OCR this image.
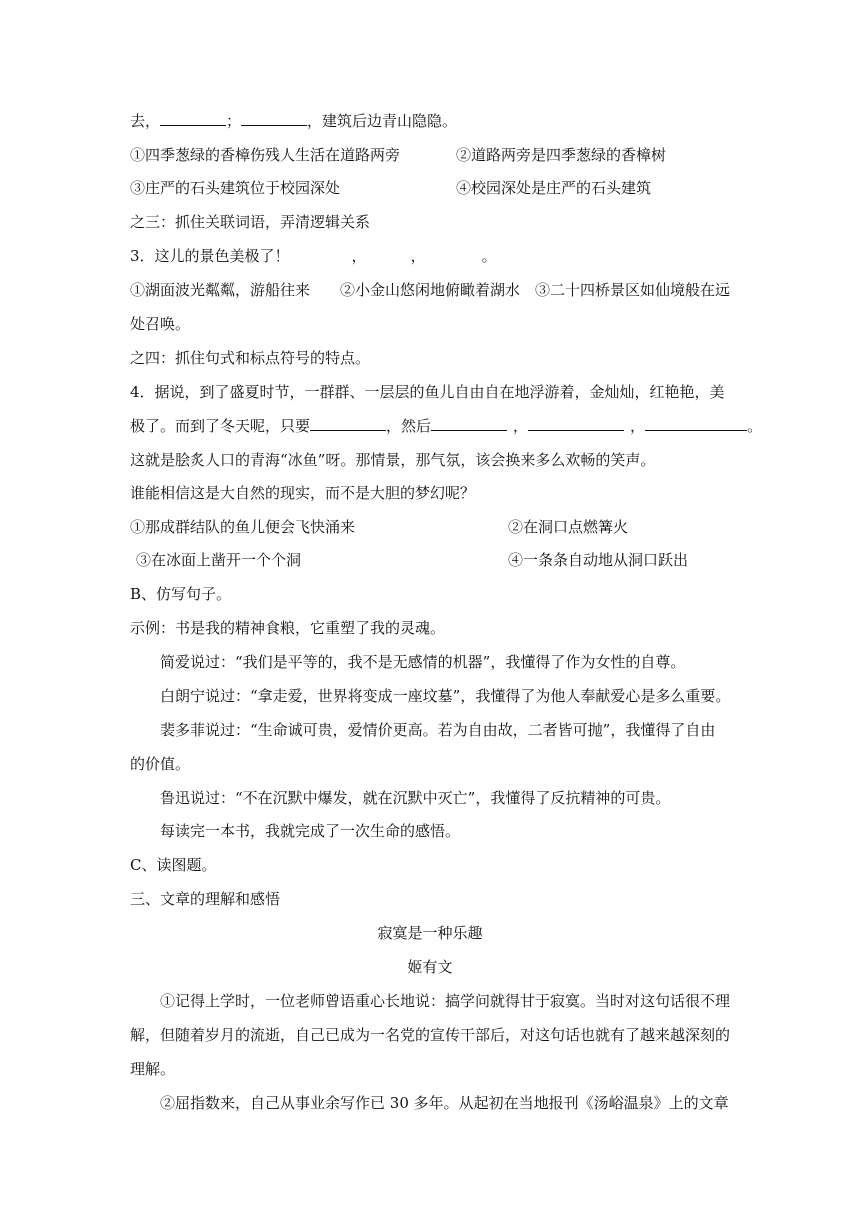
去，	；	，建筑后边青山隐隐。
①四季葱绿的香樟伤残人生活在道路两旁	②道路两旁是四季葱绿的香樟树
③庄严的石头建筑位于校园深处	④校园深处是庄严的石头建筑
之三：抓住关联词语，弄清逻辑关系
3．这儿的景色美极了！	，	，	。
①湖面波光粼粼，游船往来　　②小金山悠闲地俯瞰着湖水　③二十四桥景区如仙境般在远
处召唤。
之四：抓住句式和标点符号的特点。
4．据说，到了盛夏时节，一群群、一层层的鱼儿自由自在地浮游着，金灿灿，红艳艳，美
极了。而到了冬天呢，只要	，然后	，	，	。
这就是脍炙人口的青海“冰鱼”呀。那情景，那气氛，该会换来多么欢畅的笑声。
谁能相信这是大自然的现实，而不是大胆的梦幻呢？
①那成群结队的鱼儿便会飞快涌来	②在洞口点燃篝火
③在冰面上凿开一个个洞	④一条条自动地从洞口跃出
B、仿写句子。
示例：书是我的精神食粮，它重塑了我的灵魂。
简爱说过：“我们是平等的，我不是无感情的机器”，我懂得了作为女性的自尊。
白朗宁说过：“拿走爱，世界将变成一座坟墓”，我懂得了为他人奉献爱心是多么重要。
裴多菲说过：“生命诚可贵，爱情价更高。若为自由故，二者皆可抛”，我懂得了自由
的价值。
鲁迅说过：“不在沉默中爆发，就在沉默中灭亡”，我懂得了反抗精神的可贵。
每读完一本书，我就完成了一次生命的感悟。
C、读图题。
三、文章的理解和感悟
寂寞是一种乐趣
姬有文
①记得上学时，一位老师曾语重心长地说：搞学问就得甘于寂寞。当时对这句话很不理
解，但随着岁月的流逝，自己已成为一名党的宣传干部后，对这句话也就有了越来越深刻的
理解。
②屈指数来，自己从事业余写作已 30 多年。从起初在当地报刊《汤峪温泉》上的文章
